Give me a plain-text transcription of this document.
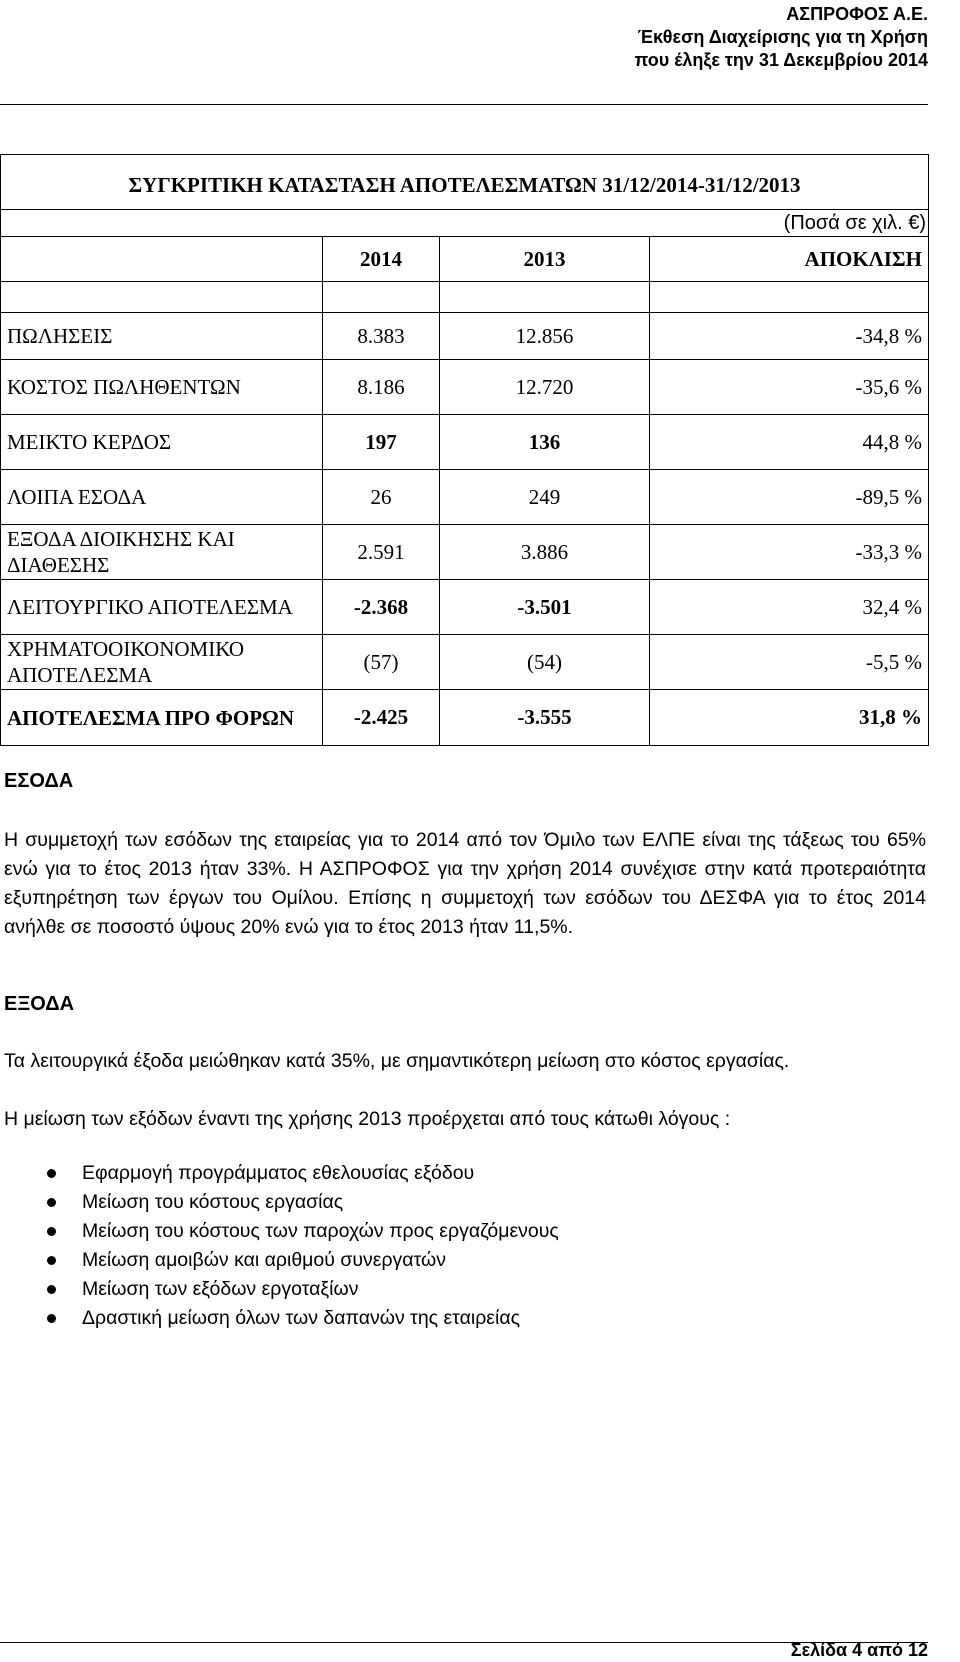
ΑΣΠΡΟΦΟΣ Α.Ε.
Έκθεση Διαχείρισης για τη Χρήση
που έληξε την 31 Δεκεμβρίου 2014
ΣΥΓΚΡΙΤΙΚΗ ΚΑΤΑΣΤΑΣΗ ΑΠΟΤΕΛΕΣΜΑΤΩΝ 31/12/2014-31/12/2013			
(Ποσά σε χιλ. €)			
	2014	2013	ΑΠΟΚΛΙΣΗ

ΠΩΛΗΣΕΙΣ	8.383	12.856	-34,8 %
ΚΟΣΤΟΣ ΠΩΛΗΘΕΝΤΩΝ	8.186	12.720	-35,6 %
ΜΕΙΚΤΟ ΚΕΡΔΟΣ	197	136	44,8 %
ΛΟΙΠΑ ΕΣΟΔΑ	26	249	-89,5 %
ΕΞΟΔΑ ΔΙΟΙΚΗΣΗΣ ΚΑΙ ΔΙΑΘΕΣΗΣ	2.591	3.886	-33,3 %
ΛΕΙΤΟΥΡΓΙΚΟ ΑΠΟΤΕΛΕΣΜΑ	-2.368	-3.501	32,4 %
ΧΡΗΜΑΤΟΟΙΚΟΝΟΜΙΚΟ ΑΠΟΤΕΛΕΣΜΑ	(57)	(54)	-5,5 %
ΑΠΟΤΕΛΕΣΜΑ ΠΡΟ ΦΟΡΩΝ	-2.425	-3.555	31,8 %
ΕΣΟΔΑ
Η συμμετοχή των εσόδων της εταιρείας για το 2014 από τον Όμιλο των ΕΛΠΕ είναι της τάξεως του 65% ενώ για το έτος 2013 ήταν 33%. Η ΑΣΠΡΟΦΟΣ για την χρήση 2014 συνέχισε στην κατά προτεραιότητα εξυπηρέτηση των έργων του Ομίλου. Επίσης η συμμετοχή των εσόδων του ΔΕΣΦΑ για το έτος 2014 ανήλθε σε ποσοστό ύψους 20% ενώ για το έτος 2013 ήταν 11,5%.
ΕΞΟΔΑ
Τα λειτουργικά έξοδα μειώθηκαν κατά 35%, με σημαντικότερη μείωση στο κόστος εργασίας.
Η μείωση των εξόδων έναντι της χρήσης 2013 προέρχεται από τους κάτωθι λόγους :
Εφαρμογή προγράμματος εθελουσίας εξόδου
Μείωση του κόστους εργασίας
Μείωση του κόστους των παροχών προς εργαζόμενους
Μείωση αμοιβών και αριθμού συνεργατών
Μείωση των εξόδων εργοταξίων
Δραστική μείωση όλων των δαπανών της εταιρείας
Σελίδα 4 από 12
